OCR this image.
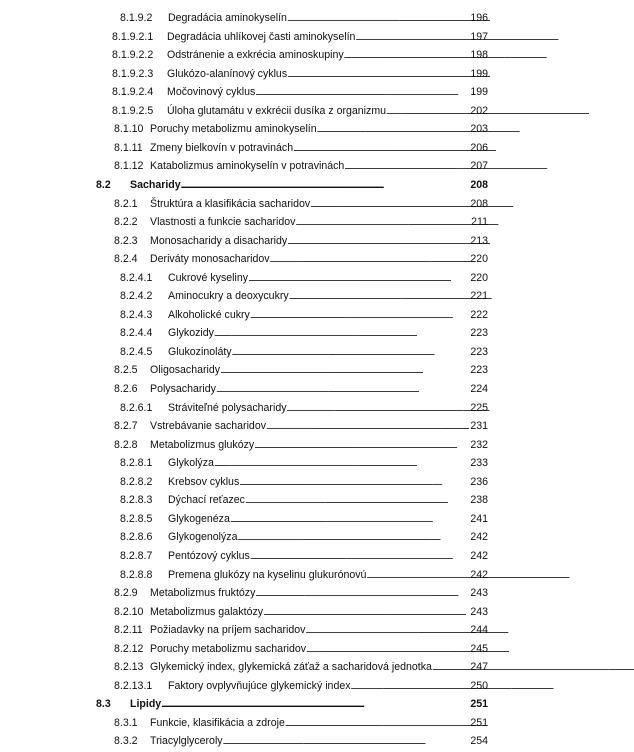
8.1.9.2	Degradácia aminokyselín . . .	196
8.1.9.2.1	Degradácia uhlíkovej časti aminokyselín . . .	197
8.1.9.2.2	Odstránenie a exkrécia aminoskupiny . . .	198
8.1.9.2.3	Glukózo-alanínový cyklus . . .	199
8.1.9.2.4	Močovinový cyklus . . .	199
8.1.9.2.5	Úloha glutamátu v exkrécii dusíka z organizmu . . .	202
8.1.10 Poruchy metabolizmu aminokyselín . . .	203
8.1.11 Zmeny bielkovín v potravinách . . .	206
8.1.12 Katabolizmus aminokyselín v potravinách . . .	207
8.2	Sacharidy . . .	208
8.2.1	Štruktúra a klasifikácia sacharidov . . .	208
8.2.2	Vlastnosti a funkcie sacharidov . . .	211
8.2.3	Monosacharidy a disacharidy . . .	213
8.2.4	Deriváty monosacharidov . . .	220
8.2.4.1	Cukrové kyseliny . . .	220
8.2.4.2	Aminocukry a deoxycukry . . .	221
8.2.4.3	Alkoholické cukry . . .	222
8.2.4.4	Glykozidy . . .	223
8.2.4.5	Glukozinoláty . . .	223
8.2.5	Oligosacharidy . . .	223
8.2.6	Polysacharidy . . .	224
8.2.6.1	Stráviteľné polysacharidy . . .	225
8.2.7	Vstrebávanie sacharidov . . .	231
8.2.8	Metabolizmus glukózy . . .	232
8.2.8.1	Glykolýza . . .	233
8.2.8.2	Krebsov cyklus . . .	236
8.2.8.3	Dýchací reťazec . . .	238
8.2.8.5	Glykogenéza . . .	241
8.2.8.6	Glykogenolýza . . .	242
8.2.8.7	Pentózový cyklus . . .	242
8.2.8.8	Premena glukózy na kyselinu glukurónovú . . .	242
8.2.9	Metabolizmus fruktózy . . .	243
8.2.10 Metabolizmus galaktózy . . .	243
8.2.11 Požiadavky na príjem sacharidov . . .	244
8.2.12 Poruchy metabolizmu sacharidov . . .	245
8.2.13 Glykemický index, glykemická záťaž a sacharidová jednotka . . .	247
8.2.13.1	Faktory ovplyvňujúce glykemický index . . .	250
8.3	Lipidy . . .	251
8.3.1	Funkcie, klasifikácia a zdroje . . .	251
8.3.2	Triacylglyceroly . . .	254
